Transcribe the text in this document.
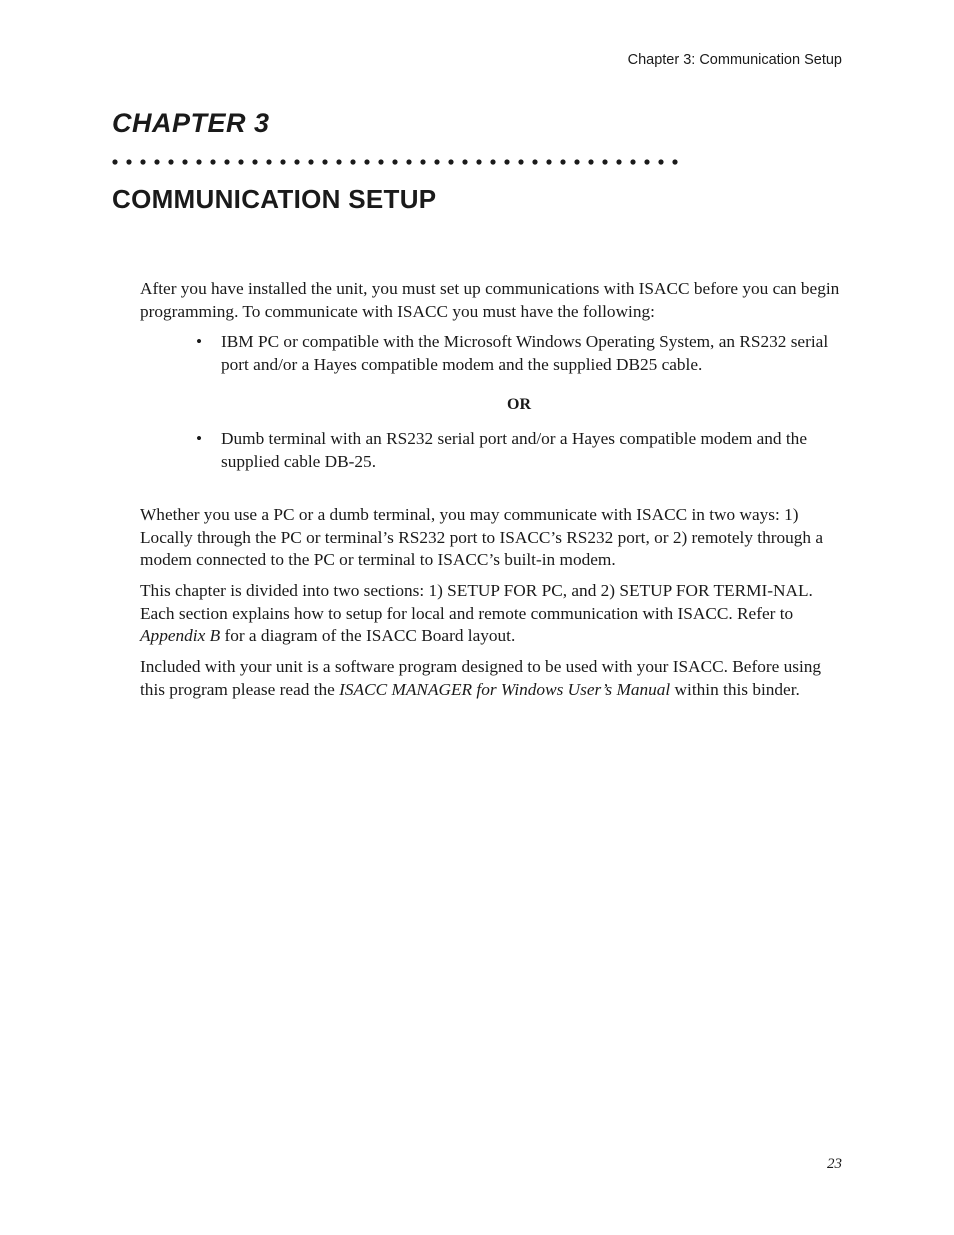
Chapter 3: Communication Setup
CHAPTER 3
COMMUNICATION SETUP

After you have installed the unit, you must set up communications with ISACC before you can begin programming. To communicate with ISACC you must have the following:

•	IBM PC or compatible with the Microsoft Windows Operating System, an RS232 serial port and/or a Hayes compatible modem and the supplied DB25 cable.
OR
•	Dumb terminal with an RS232 serial port and/or a Hayes compatible modem and the supplied cable DB-25.

Whether you use a PC or a dumb terminal, you may communicate with ISACC in two ways: 1) Locally through the PC or terminal’s RS232 port to ISACC’s RS232 port, or 2) remotely through a modem connected to the PC or terminal to ISACC’s built-in modem.

This chapter is divided into two sections: 1) SETUP FOR PC, and 2) SETUP FOR TERMI-NAL. Each section explains how to setup for local and remote communication with ISACC. Refer to Appendix B for a diagram of the ISACC Board layout.

Included with your unit is a software program designed to be used with your ISACC. Before using this program please read the ISACC MANAGER for Windows User’s Manual within this binder.

23
